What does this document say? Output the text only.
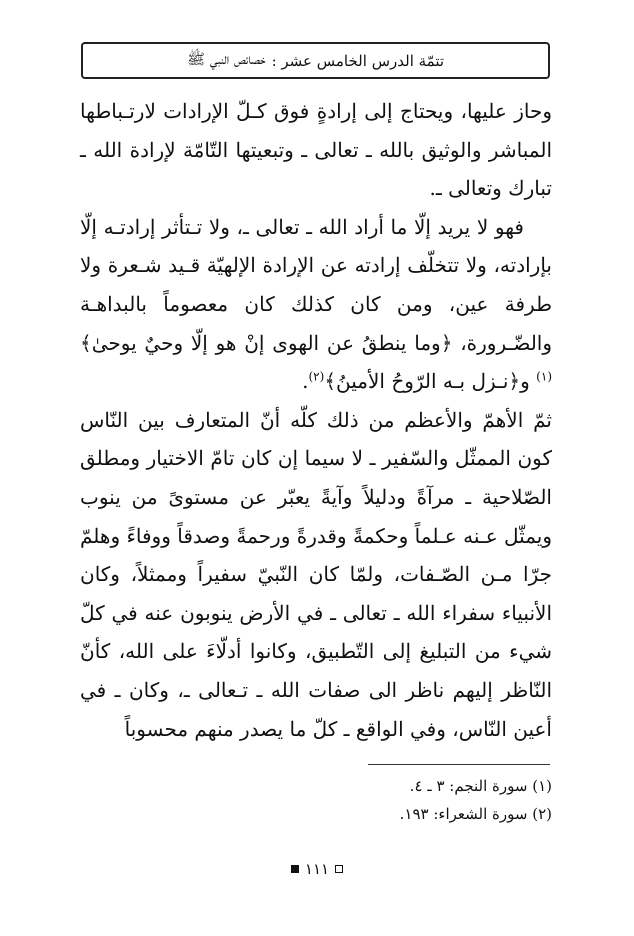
تتمّة الدرس الخامس عشر :
خصائص النبي ﷺ

وحاز عليها، ويحتاج إلى إرادةٍ فوق كـلّ الإرادات لارتـباطها المباشر والوثيق بالله ـ تعالى ـ وتبعيتها التّامّة لإرادة الله ـ تبارك وتعالى ـ.

فهو لا يريد إلّا ما أراد الله ـ تعالى ـ، ولا تـتأثر إرادتـه إلّا بإرادته، ولا تتخلّف إرادته عن الإرادة الإلهيّة قـيد شـعرة ولا طرفة عين، ومن كان كذلك كان معصوماً بالبداهـة والضّـرورة، ﴿وما ينطقُ عن الهوى إنْ هو إلّا وحيٌ يوحىٰ﴾$^{(١)}$ و﴿نـزل بـه الرّوحُ الأمينُ﴾$^{(٢)}$.

ثمّ الأهمّ والأعظم من ذلك كلّه أنّ المتعارف بين النّاس كون الممثّل والسّفير ـ لا سيما إن كان تامّ الاختيار ومطلق الصّلاحية ـ مرآةً ودليلاً وآيةً يعبّر عن مستوىً من ينوب ويمثّل عـنه عـلماً وحكمةً وقدرةً ورحمةً وصدقاً ووفاءً وهلمّ جرّا مـن الصّـفات، ولمّا كان النّبيّ سفيراً وممثلاً، وكان الأنبياء سفراء الله ـ تعالى ـ في الأرض ينوبون عنه في كلّ شيء من التبليغ إلى التّطبيق، وكانوا أدلّاءَ على الله، كأنّ النّاظر إليهم ناظر الى صفات الله ـ تـعالى ـ، وكان ـ في أعين النّاس، وفي الواقع ـ كلّ ما يصدر منهم محسوباً

(١) سورة النجم: ٣ ـ ٤.

(٢) سورة الشعراء: ١٩٣.

١١١
